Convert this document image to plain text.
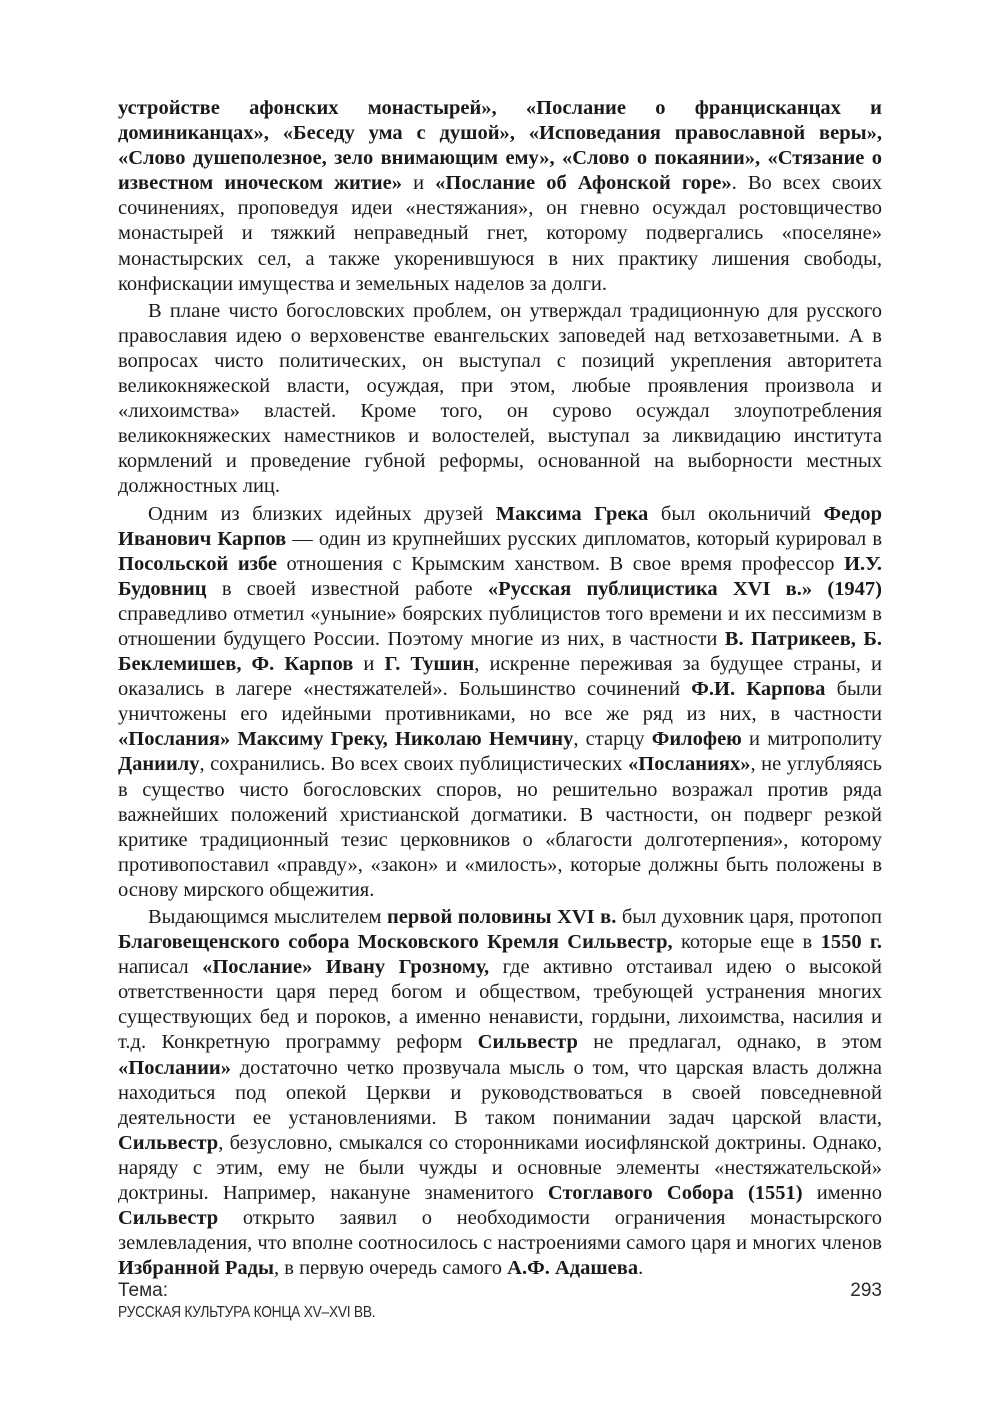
устройстве афонских монастырей», «Послание о францисканцах и доминиканцах», «Беседу ума с душой», «Исповедания православной веры», «Слово душеполезное, зело внимающим ему», «Слово о покаянии», «Стязание о известном иноческом житие» и «Послание об Афонской горе». Во всех своих сочинениях, проповедуя идеи «нестяжания», он гневно осуждал ростовщичество монастырей и тяжкий неправедный гнет, которому подвергались «поселяне» монастырских сел, а также укоренившуюся в них практику лишения свободы, конфискации имущества и земельных наделов за долги.

В плане чисто богословских проблем, он утверждал традиционную для русского православия идею о верховенстве евангельских заповедей над ветхозаветными. А в вопросах чисто политических, он выступал с позиций укрепления авторитета великокняжеской власти, осуждая, при этом, любые проявления произвола и «лихоимства» властей. Кроме того, он сурово осуждал злоупотребления великокняжеских наместников и волостелей, выступал за ликвидацию института кормлений и проведение губной реформы, основанной на выборности местных должностных лиц.

Одним из близких идейных друзей Максима Грека был окольничий Федор Иванович Карпов — один из крупнейших русских дипломатов, который курировал в Посольской избе отношения с Крымским ханством. В свое время профессор И.У. Будовниц в своей известной работе «Русская публицистика XVI в.» (1947) справедливо отметил «уныние» боярских публицистов того времени и их пессимизм в отношении будущего России. Поэтому многие из них, в частности В. Патрикеев, Б. Беклемишев, Ф. Карпов и Г. Тушин, искренне переживая за будущее страны, и оказались в лагере «нестяжателей». Большинство сочинений Ф.И. Карпова были уничтожены его идейными противниками, но все же ряд из них, в частности «Послания» Максиму Греку, Николаю Немчину, старцу Филофею и митрополиту Даниилу, сохранились. Во всех своих публицистических «Посланиях», не углубляясь в существо чисто богословских споров, но решительно возражал против ряда важнейших положений христианской догматики. В частности, он подверг резкой критике традиционный тезис церковников о «благости долготерпения», которому противопоставил «правду», «закон» и «милость», которые должны быть положены в основу мирского общежития.

Выдающимся мыслителем первой половины XVI в. был духовник царя, протопоп Благовещенского собора Московского Кремля Сильвестр, которые еще в 1550 г. написал «Послание» Ивану Грозному, где активно отстаивал идею о высокой ответственности царя перед богом и обществом, требующей устранения многих существующих бед и пороков, а именно ненависти, гордыни, лихоимства, насилия и т.д. Конкретную программу реформ Сильвестр не предлагал, однако, в этом «Послании» достаточно четко прозвучала мысль о том, что царская власть должна находиться под опекой Церкви и руководствоваться в своей повседневной деятельности ее установлениями. В таком понимании задач царской власти, Сильвестр, безусловно, смыкался со сторонниками иосифлянской доктрины. Однако, наряду с этим, ему не были чужды и основные элементы «нестяжательской» доктрины. Например, накануне знаменитого Стоглавого Собора (1551) именно Сильвестр открыто заявил о необходимости ограничения монастырского землевладения, что вполне соотносилось с настроениями самого царя и многих членов Избранной Рады, в первую очередь самого А.Ф. Адашева.

Тема:
РУССКАЯ КУЛЬТУРА КОНЦА XV–XVI ВВ.
293
